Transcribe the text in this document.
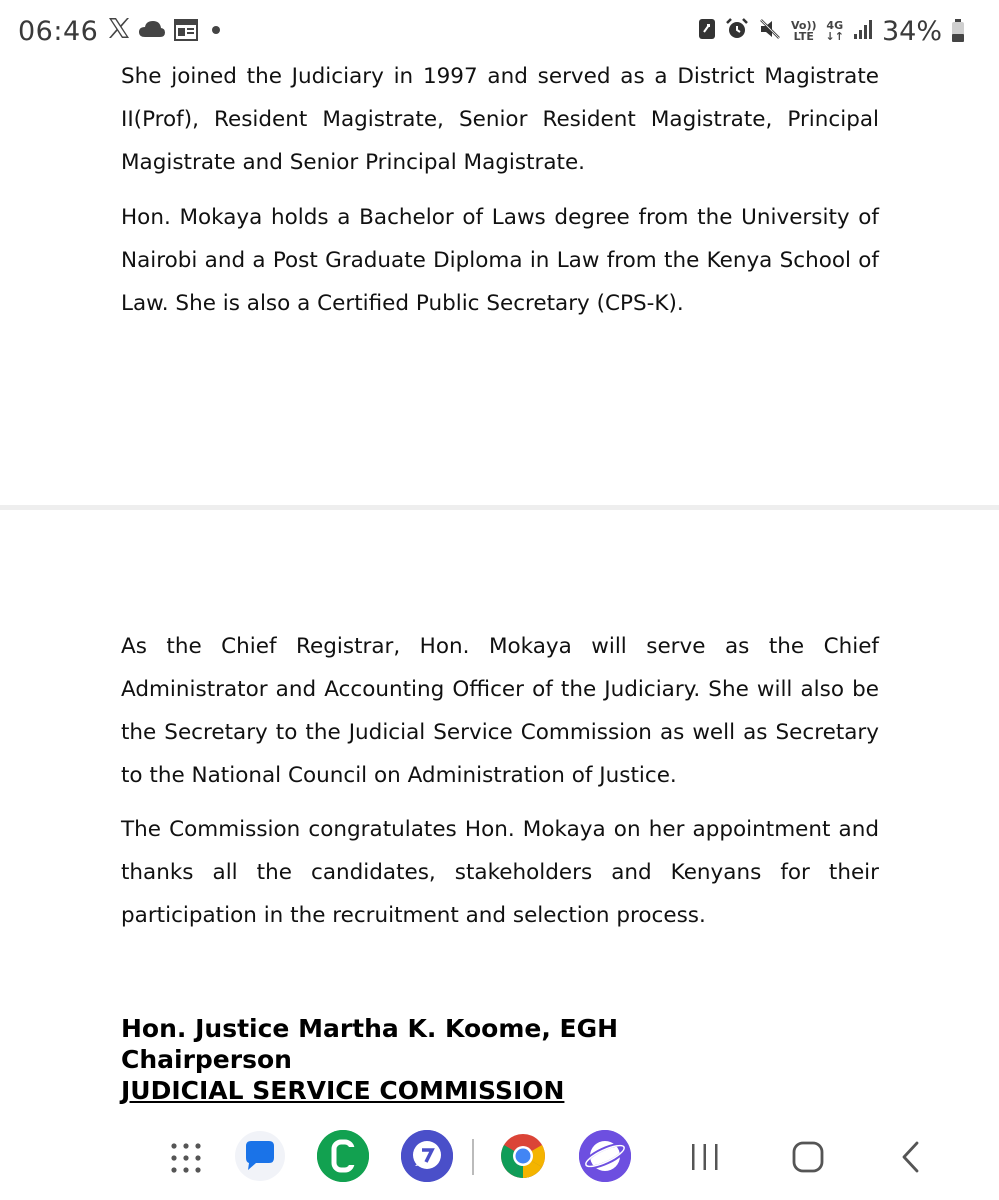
06:46	Vo))
LTE
4G
↓↑ 34%

She joined the Judiciary in 1997 and served as a District Magistrate II(Prof), Resident Magistrate, Senior Resident Magistrate, Principal Magistrate and Senior Principal Magistrate.

Hon. Mokaya holds a Bachelor of Laws degree from the University of Nairobi and a Post Graduate Diploma in Law from the Kenya School of Law. She is also a Certified Public Secretary (CPS-K).

As the Chief Registrar, Hon. Mokaya will serve as the Chief Administrator and Accounting Officer of the Judiciary. She will also be the Secretary to the Judicial Service Commission as well as Secretary to the National Council on Administration of Justice.

The Commission congratulates Hon. Mokaya on her appointment and thanks all the candidates, stakeholders and Kenyans for their participation in the recruitment and selection process.

Hon. Justice Martha K. Koome, EGH
Chairperson
JUDICIAL SERVICE COMMISSION
